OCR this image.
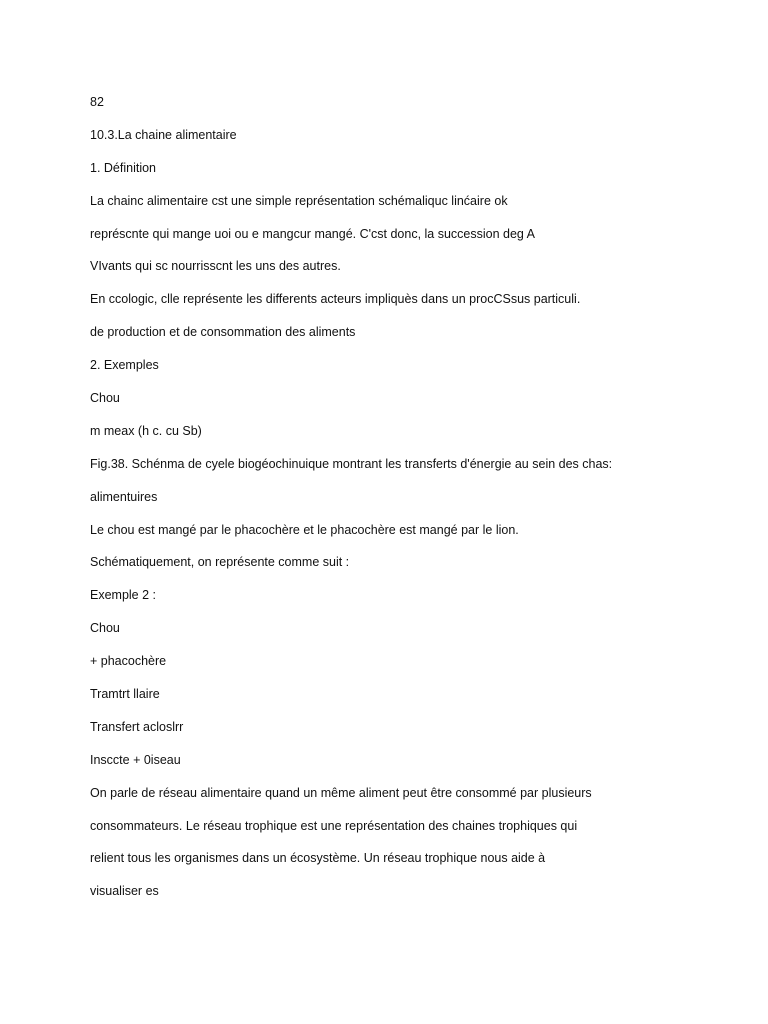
82
10.3.La chaine alimentaire
1. Définition
La chainc alimentaire cst une simple représentation schémaliquc linćaire ok
représcnte qui mange uoi ou e mangcur mangé. C'cst donc, la succession deg A
VIvants qui sc nourrisscnt les uns des autres.
En ccologic, clle représente les differents acteurs impliquès dans un procCSsus particuli.
de production et de consommation des aliments
2. Exemples
Chou
m meax (h c. cu Sb)
Fig.38. Schénma de cyele biogéochinuique montrant les transferts d'énergie au sein des chas:
alimentuires
Le chou est mangé par le phacochère et le phacochère est mangé par le lion.
Schématiquement, on représente comme suit :
Exemple 2 :
Chou
+ phacochère
Tramtrt llaire
Transfert acloslrr
Insccte + 0iseau
On parle de réseau alimentaire quand un même aliment peut être consommé par plusieurs
consommateurs. Le réseau trophique est une représentation des chaines trophiques qui
relient tous les organismes dans un écosystème. Un réseau trophique nous aide à
visualiser es
